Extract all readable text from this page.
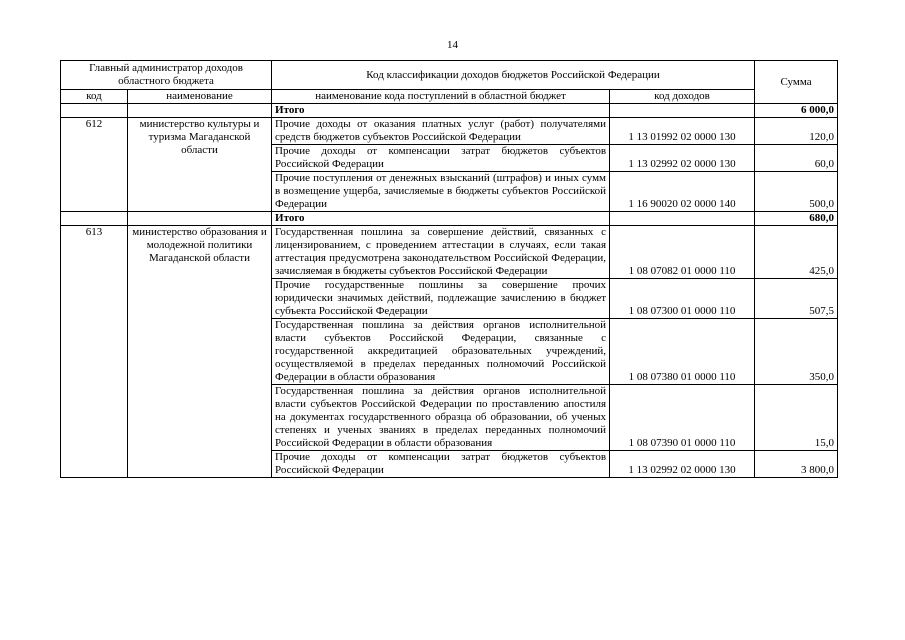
14
Главный администратор доходов областного бюджета		Код классификации доходов бюджетов Российской Федерации		Сумма
код	наименование	наименование кода поступлений в областной бюджет	код доходов	
		Итого		6 000,0
612	министерство культуры и туризма Магаданской области	Прочие доходы от оказания платных услуг (работ) получателями средств бюджетов субъектов Российской Федерации	1 13 01992 02 0000 130	120,0
		Прочие доходы от компенсации затрат бюджетов субъектов Российской Федерации	1 13 02992 02 0000 130	60,0
		Прочие поступления от денежных взысканий (штрафов) и иных сумм в возмещение ущерба, зачисляемые в бюджеты субъектов Российской Федерации	1 16 90020 02 0000 140	500,0
		Итого		680,0
613	министерство образования и молодежной политики Магаданской области	Государственная пошлина за совершение действий, связанных с лицензированием, с проведением аттестации в случаях, если такая аттестация предусмотрена законодательством Российской Федерации, зачисляемая в бюджеты субъектов Российской Федерации	1 08 07082 01 0000 110	425,0
		Прочие государственные пошлины за совершение прочих юридически значимых действий, подлежащие зачислению в бюджет субъекта Российской Федерации	1 08 07300 01 0000 110	507,5
		Государственная пошлина за действия органов исполнительной власти субъектов Российской Федерации, связанные с государственной аккредитацией образовательных учреждений, осуществляемой в пределах переданных полномочий Российской Федерации в области образования	1 08 07380 01 0000 110	350,0
		Государственная пошлина за действия органов исполнительной власти субъектов Российской Федерации по проставлению апостиля на документах государственного образца об образовании, об ученых степенях и ученых званиях в пределах переданных полномочий Российской Федерации в области образования	1 08 07390 01 0000 110	15,0
		Прочие доходы от компенсации затрат бюджетов субъектов Российской Федерации	1 13 02992 02 0000 130	3 800,0
